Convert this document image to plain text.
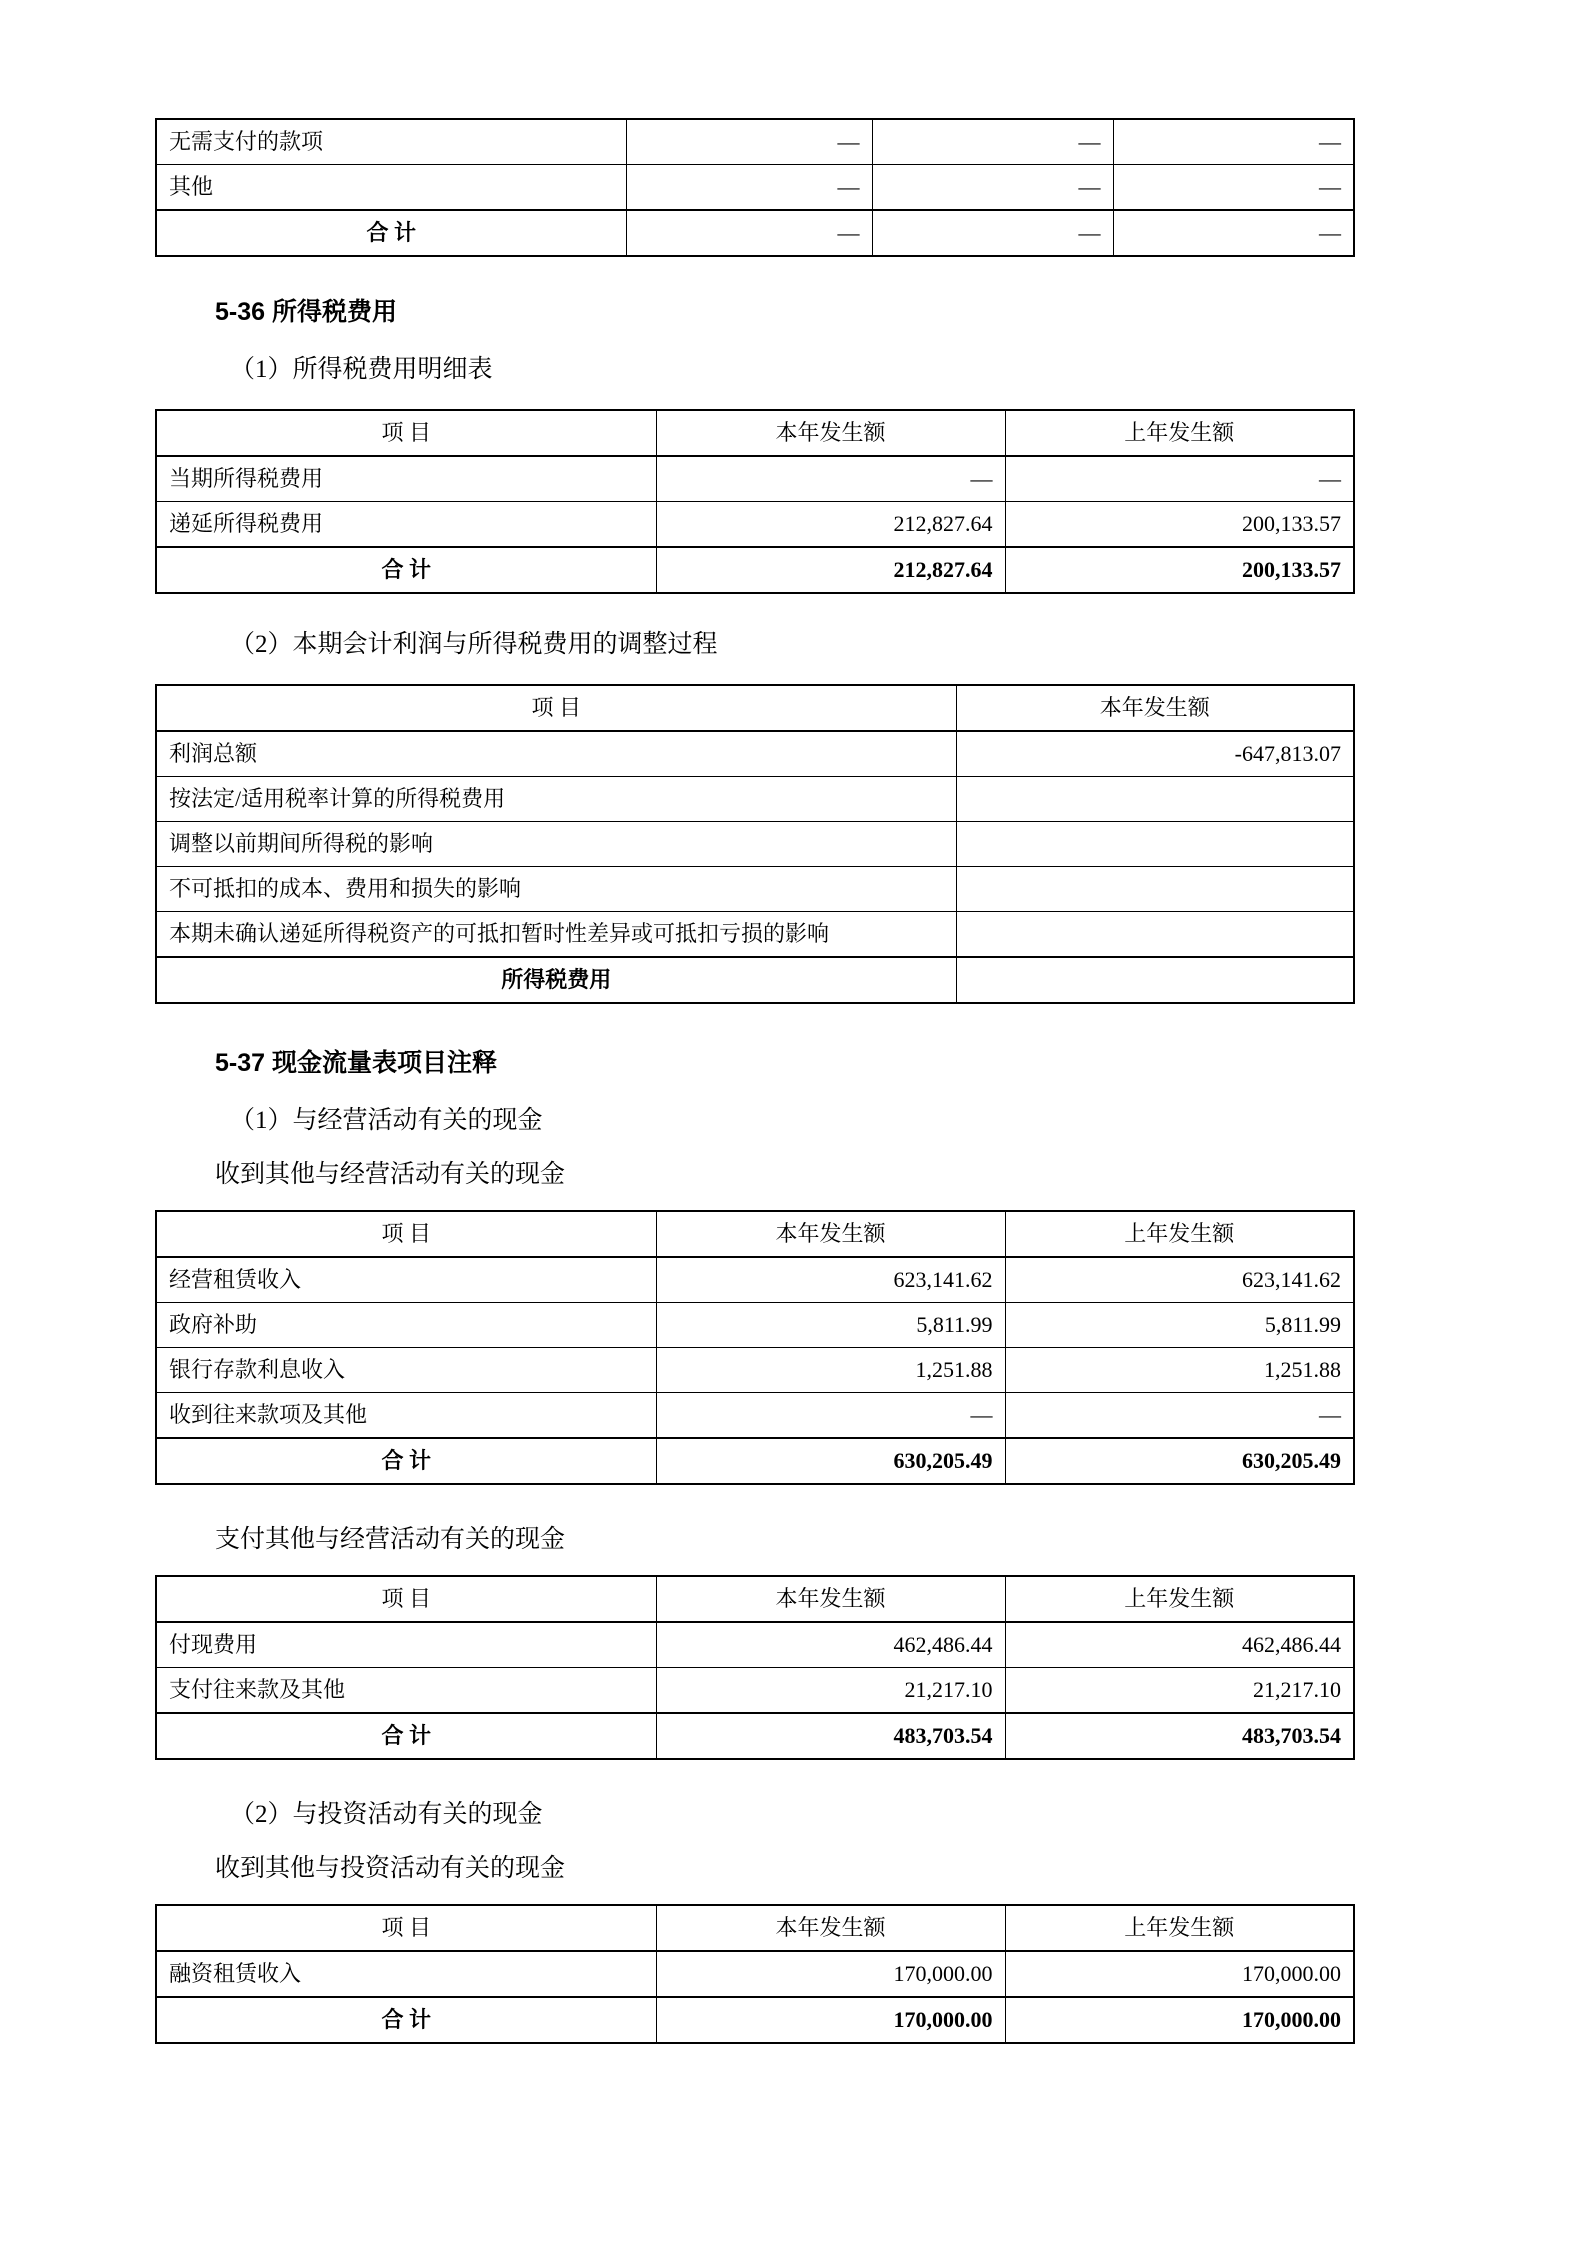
无需支付的款项	—	—	—
其他	—	—	—
合 计	—	—	—

5-36 所得税费用

（1）所得税费用明细表

项 目	本年发生额	上年发生额
当期所得税费用	—	—
递延所得税费用	212,827.64	200,133.57
合 计	212,827.64	200,133.57

（2）本期会计利润与所得税费用的调整过程

项 目	本年发生额
利润总额	-647,813.07
按法定/适用税率计算的所得税费用	
调整以前期间所得税的影响	
不可抵扣的成本、费用和损失的影响	
本期未确认递延所得税资产的可抵扣暂时性差异或可抵扣亏损的影响	
所得税费用	

5-37 现金流量表项目注释

（1）与经营活动有关的现金

收到其他与经营活动有关的现金

项 目	本年发生额	上年发生额
经营租赁收入	623,141.62	623,141.62
政府补助	5,811.99	5,811.99
银行存款利息收入	1,251.88	1,251.88
收到往来款项及其他	—	—
合 计	630,205.49	630,205.49

支付其他与经营活动有关的现金

项 目	本年发生额	上年发生额
付现费用	462,486.44	462,486.44
支付往来款及其他	21,217.10	21,217.10
合 计	483,703.54	483,703.54

（2）与投资活动有关的现金

收到其他与投资活动有关的现金

项 目	本年发生额	上年发生额
融资租赁收入	170,000.00	170,000.00
合 计	170,000.00	170,000.00
